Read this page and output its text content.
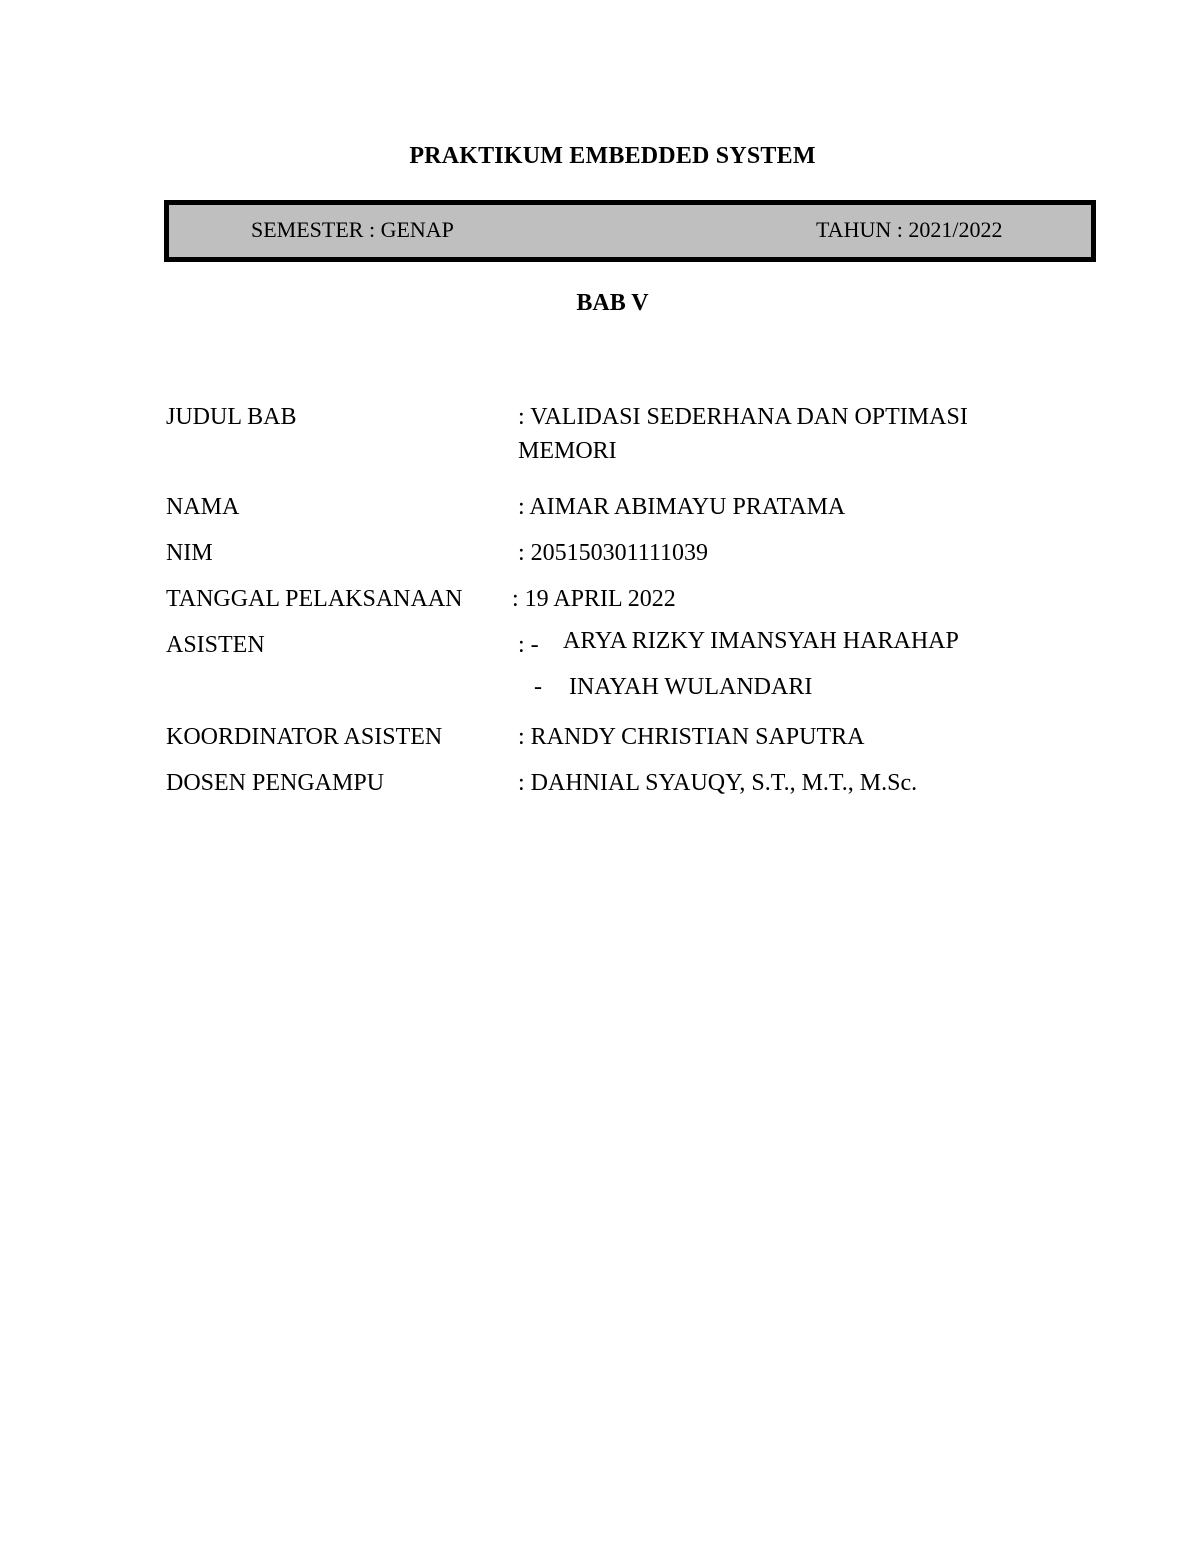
PRAKTIKUM EMBEDDED SYSTEM
SEMESTER : GENAP	TAHUN : 2021/2022
BAB V
JUDUL BAB	: VALIDASI SEDERHANA DAN OPTIMASI MEMORI
NAMA	: AIMAR ABIMAYU PRATAMA
NIM	: 205150301111039
TANGGAL PELAKSANAAN : 19 APRIL 2022
ASISTEN	: -	ARYA RIZKY IMANSYAH HARAHAP
- INAYAH WULANDARI
KOORDINATOR ASISTEN	: RANDY CHRISTIAN SAPUTRA
DOSEN PENGAMPU	: DAHNIAL SYAUQY, S.T., M.T., M.Sc.
